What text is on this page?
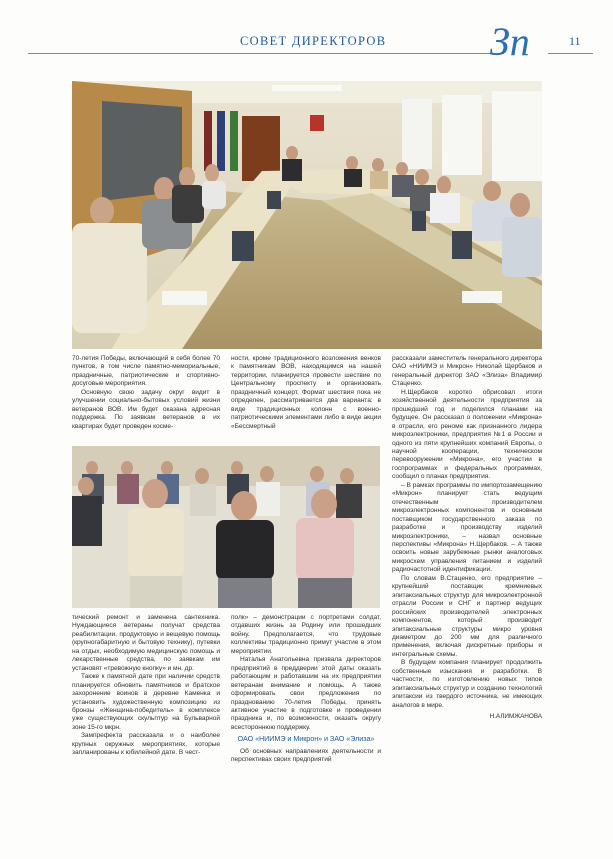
СОВЕТ ДИРЕКТОРОВ	Зп	11

70-летия Победы, включающий в себя более 70 пунктов, в том числе памятно-мемориальные, праздничные, патриотические и спортивно-досуговые мероприятия.

Основную свою задачу округ видит в улучшении социально-бытовых условий жизни ветеранов ВОВ. Им будет оказана адресная поддержка. По заявкам ветеранов в их квартирах будет проведен косме-

ности, кроме традиционного возложения венков к памятникам ВОВ, находящимся на нашей территории, планируется провести шествие по Центральному проспекту и организовать праздничный концерт. Формат шествия пока не определен, рассматривается два варианта: в виде традиционных колонн с военно-патриотическими элементами либо в виде акции «Бессмертный

рассказали заместитель генерального директора ОАО «НИИМЭ и Микрон» Николай Щербаков и генеральный директор ЗАО «Элиза» Владимир Стаценко.

Н.Щербаков коротко обрисовал итоги хозяйственной деятельности предприятия за прошедший год и поделился планами на будущее. Он рассказал о положении «Микрона» в отрасли, его реноме как признанного лидера микроэлектроники, предприятия №1 в России и одного из пяти крупнейших компаний Европы, о научной кооперации, техническом перевооружении «Микрона», его участии в госпрограммах и федеральных программах, сообщил о планах предприятия.

– В рамках программы по импортозамещению «Микрон» планирует стать ведущим отечественным производителем микроэлектронных компонентов и основным поставщиком государственного заказа по разработке и производству изделий микроэлектроники, – назвал основные перспективы «Микрона» Н.Щербаков. – А также освоить новые зарубежные рынки аналоговых микросхем управления питанием и изделий радиочастотной идентификации.

По словам В.Стаценко, его предприятие – крупнейший поставщик кремниевых эпитаксиальных структур для микроэлектронной отрасли России и СНГ и партнер ведущих российских производителей электронных компонентов, который производит эпитаксиальные структуры микро уровня диаметром до 200 мм для различного применения, включая дискретные приборы и интегральные схемы.

В будущем компания планирует продолжить собственные изыскания и разработки. В частности, по изготовлению новых типов эпитаксиальных структур и созданию технологий эпитаксии из твердого источника, не имеющих аналогов в мире.

Н.АЛИМЖАНОВА

тический ремонт и заменена сантехника. Нуждающиеся ветераны получат средства реабилитации, продуктовую и вещевую помощь (крупногабаритную и бытовую технику), путевки на отдых, необходимую медицинскую помощь и лекарственные средства, по заявкам им установят «тревожную кнопку» и мн. др.

Также к памятной дате при наличии средств планируется обновить памятников и братское захоронение воинов в деревне Каменка и установить художественную композицию из бронзы «Женщина-победитель» в комплексе уже существующих скульптур на Бульварной зоне 15-го мкрн.

Зампрефекта рассказала и о наиболее крупных окружных мероприятиях, которые запланированы к юбилейной дате. В чест-

полк» – демонстрации с портретами солдат, отдавших жизнь за Родину или прошедших войну. Предполагается, что трудовые коллективы традиционно примут участие в этом мероприятии.

Наталья Анатольевна призвала директоров предприятий в преддверии этой даты оказать работающим и работавшим на их предприятии ветеранам внимание и помощь. А также сформировать свои предложения по празднованию 70-летия Победы, принять активное участие в подготовке и проведении праздника и, по возможности, оказать округу всестороннюю поддержку.

ОАО «НИИМЭ и Микрон» и ЗАО «Элиза»

Об основных направлениях деятельности и перспективах своих предприятий
